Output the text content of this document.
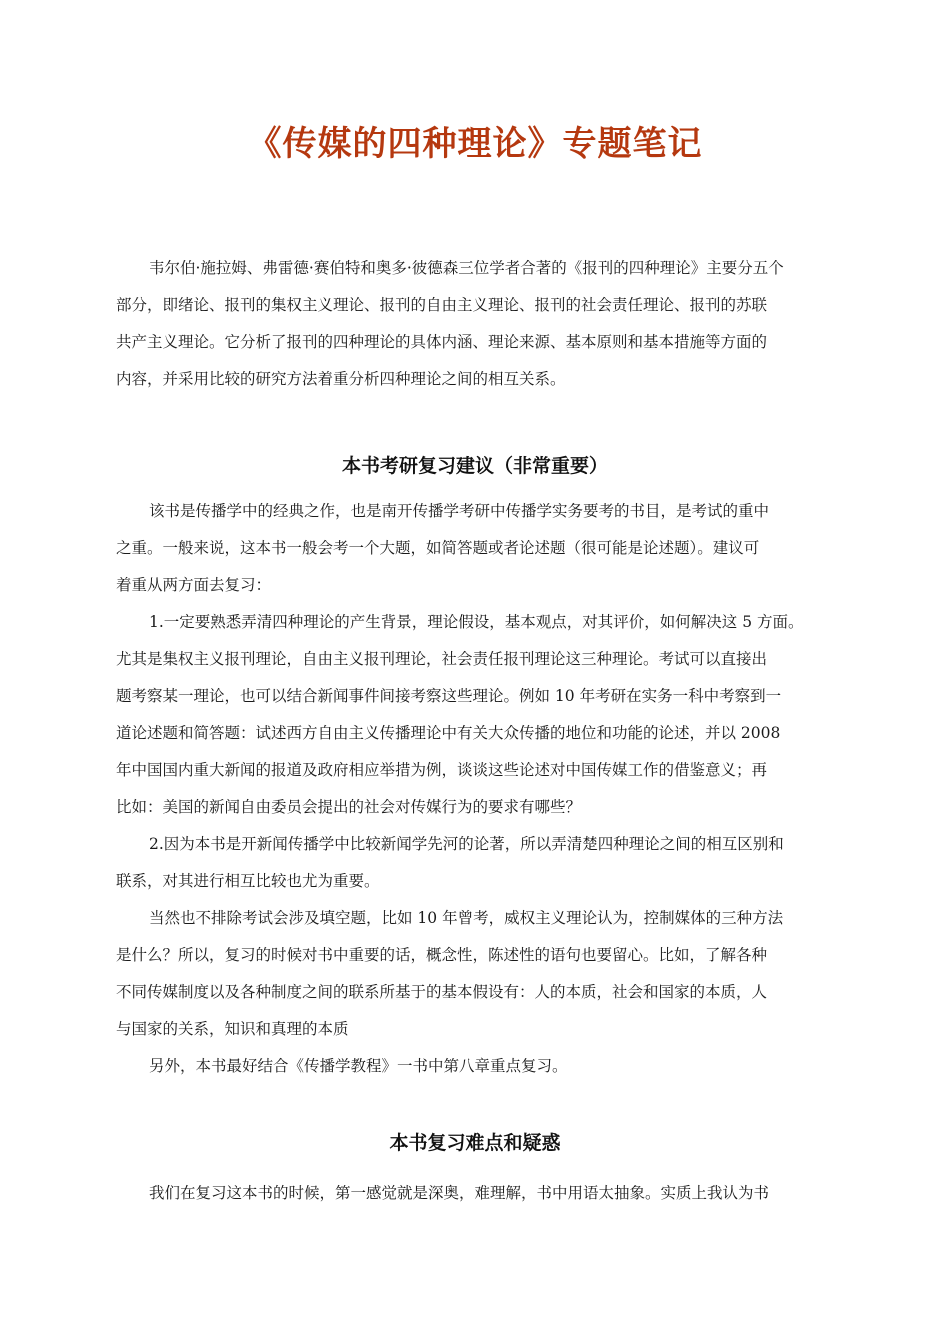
《传媒的四种理论》专题笔记

韦尔伯·施拉姆、弗雷德·赛伯特和奥多·彼德森三位学者合著的《报刊的四种理论》主要分五个

部分，即绪论、报刊的集权主义理论、报刊的自由主义理论、报刊的社会责任理论、报刊的苏联

共产主义理论。它分析了报刊的四种理论的具体内涵、理论来源、基本原则和基本措施等方面的

内容，并采用比较的研究方法着重分析四种理论之间的相互关系。

本书考研复习建议（非常重要）

该书是传播学中的经典之作，也是南开传播学考研中传播学实务要考的书目，是考试的重中

之重。一般来说，这本书一般会考一个大题，如简答题或者论述题（很可能是论述题）。建议可

着重从两方面去复习：

1.一定要熟悉弄清四种理论的产生背景，理论假设，基本观点，对其评价，如何解决这 5 方面。

尤其是集权主义报刊理论，自由主义报刊理论，社会责任报刊理论这三种理论。考试可以直接出

题考察某一理论，也可以结合新闻事件间接考察这些理论。例如 10 年考研在实务一科中考察到一

道论述题和简答题：试述西方自由主义传播理论中有关大众传播的地位和功能的论述，并以 2008

年中国国内重大新闻的报道及政府相应举措为例，谈谈这些论述对中国传媒工作的借鉴意义；再

比如：美国的新闻自由委员会提出的社会对传媒行为的要求有哪些？

2.因为本书是开新闻传播学中比较新闻学先河的论著，所以弄清楚四种理论之间的相互区别和

联系，对其进行相互比较也尤为重要。

当然也不排除考试会涉及填空题，比如 10 年曾考，威权主义理论认为，控制媒体的三种方法

是什么？所以，复习的时候对书中重要的话，概念性，陈述性的语句也要留心。比如，了解各种

不同传媒制度以及各种制度之间的联系所基于的基本假设有：人的本质，社会和国家的本质，人

与国家的关系，知识和真理的本质

另外，本书最好结合《传播学教程》一书中第八章重点复习。

本书复习难点和疑惑

我们在复习这本书的时候，第一感觉就是深奥，难理解，书中用语太抽象。实质上我认为书
